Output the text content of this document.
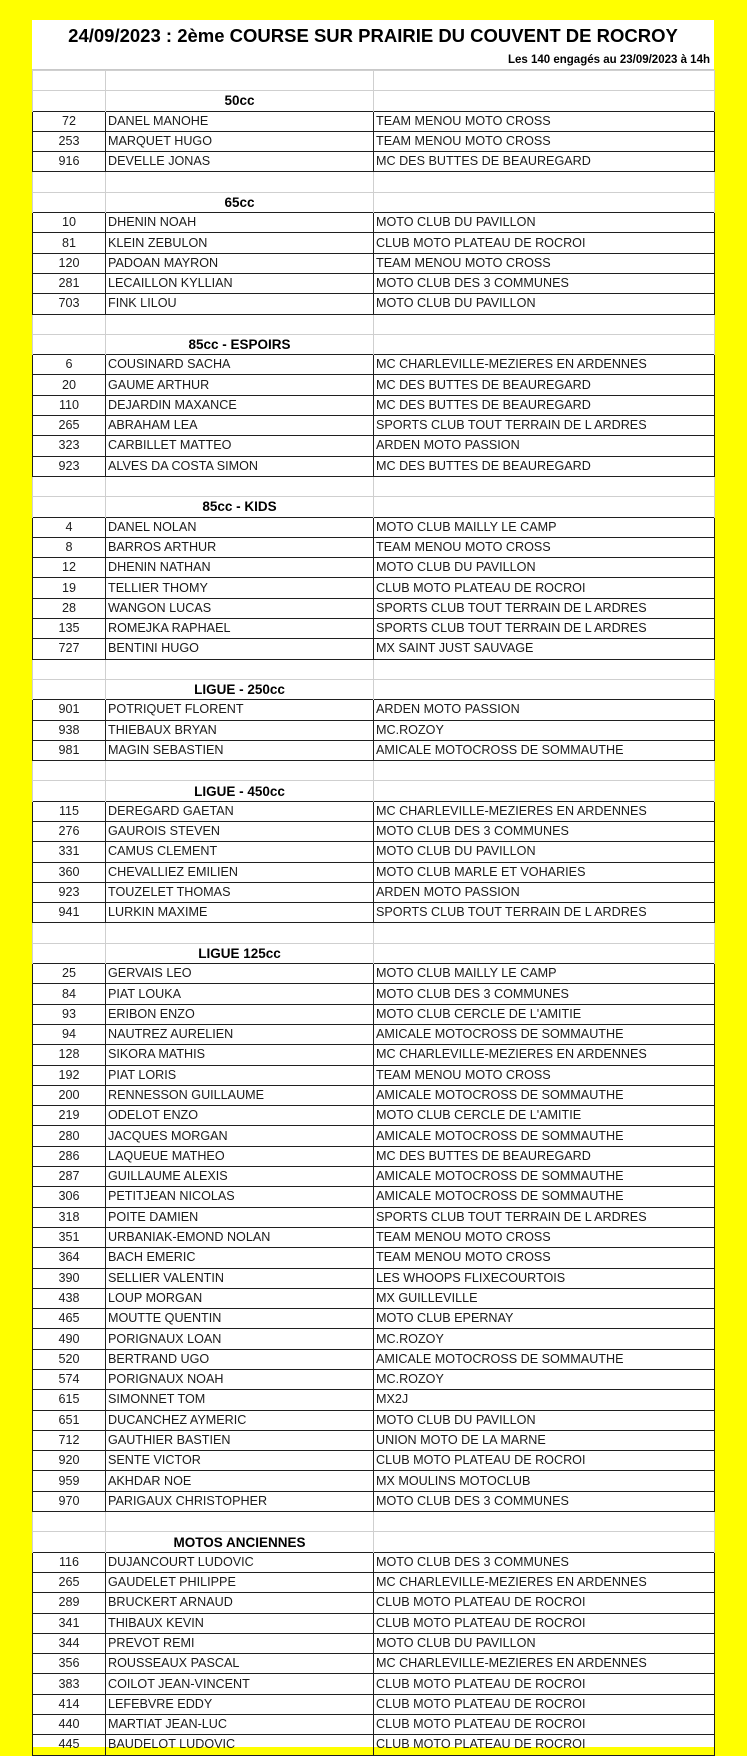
24/09/2023 : 2ème COURSE SUR PRAIRIE DU COUVENT DE ROCROY
Les 140 engagés au 23/09/2023 à 14h

	50cc	
72	DANEL MANOHE	TEAM MENOU MOTO CROSS
253	MARQUET HUGO	TEAM MENOU MOTO CROSS
916	DEVELLE JONAS	MC DES BUTTES DE BEAUREGARD

	65cc	
10	DHENIN NOAH	MOTO CLUB DU PAVILLON
81	KLEIN ZEBULON	CLUB MOTO PLATEAU DE ROCROI
120	PADOAN MAYRON	TEAM MENOU MOTO CROSS
281	LECAILLON KYLLIAN	MOTO CLUB DES 3 COMMUNES
703	FINK LILOU	MOTO CLUB DU PAVILLON

	85cc - ESPOIRS	
6	COUSINARD SACHA	MC CHARLEVILLE-MEZIERES EN ARDENNES
20	GAUME ARTHUR	MC DES BUTTES DE BEAUREGARD
110	DEJARDIN MAXANCE	MC DES BUTTES DE BEAUREGARD
265	ABRAHAM LEA	SPORTS CLUB TOUT TERRAIN DE L ARDRES
323	CARBILLET MATTEO	ARDEN MOTO PASSION
923	ALVES DA COSTA SIMON	MC DES BUTTES DE BEAUREGARD

	85cc - KIDS	
4	DANEL NOLAN	MOTO CLUB MAILLY LE CAMP
8	BARROS ARTHUR	TEAM MENOU MOTO CROSS
12	DHENIN NATHAN	MOTO CLUB DU PAVILLON
19	TELLIER THOMY	CLUB MOTO PLATEAU DE ROCROI
28	WANGON LUCAS	SPORTS CLUB TOUT TERRAIN DE L ARDRES
135	ROMEJKA RAPHAEL	SPORTS CLUB TOUT TERRAIN DE L ARDRES
727	BENTINI HUGO	MX SAINT JUST SAUVAGE

	LIGUE - 250cc	
901	POTRIQUET FLORENT	ARDEN MOTO PASSION
938	THIEBAUX BRYAN	MC.ROZOY
981	MAGIN SEBASTIEN	AMICALE MOTOCROSS DE SOMMAUTHE

	LIGUE - 450cc	
115	DEREGARD GAETAN	MC CHARLEVILLE-MEZIERES EN ARDENNES
276	GAUROIS STEVEN	MOTO CLUB DES 3 COMMUNES
331	CAMUS CLEMENT	MOTO CLUB DU PAVILLON
360	CHEVALLIEZ EMILIEN	MOTO CLUB MARLE ET VOHARIES
923	TOUZELET THOMAS	ARDEN MOTO PASSION
941	LURKIN MAXIME	SPORTS CLUB TOUT TERRAIN DE L ARDRES

	LIGUE 125cc	
25	GERVAIS LEO	MOTO CLUB MAILLY LE CAMP
84	PIAT LOUKA	MOTO CLUB DES 3 COMMUNES
93	ERIBON ENZO	MOTO CLUB CERCLE DE L'AMITIE
94	NAUTREZ AURELIEN	AMICALE MOTOCROSS DE SOMMAUTHE
128	SIKORA MATHIS	MC CHARLEVILLE-MEZIERES EN ARDENNES
192	PIAT LORIS	TEAM MENOU MOTO CROSS
200	RENNESSON GUILLAUME	AMICALE MOTOCROSS DE SOMMAUTHE
219	ODELOT ENZO	MOTO CLUB CERCLE DE L'AMITIE
280	JACQUES MORGAN	AMICALE MOTOCROSS DE SOMMAUTHE
286	LAQUEUE MATHEO	MC DES BUTTES DE BEAUREGARD
287	GUILLAUME ALEXIS	AMICALE MOTOCROSS DE SOMMAUTHE
306	PETITJEAN NICOLAS	AMICALE MOTOCROSS DE SOMMAUTHE
318	POITE DAMIEN	SPORTS CLUB TOUT TERRAIN DE L ARDRES
351	URBANIAK-EMOND NOLAN	TEAM MENOU MOTO CROSS
364	BACH EMERIC	TEAM MENOU MOTO CROSS
390	SELLIER VALENTIN	LES WHOOPS FLIXECOURTOIS
438	LOUP MORGAN	MX GUILLEVILLE
465	MOUTTE QUENTIN	MOTO CLUB EPERNAY
490	PORIGNAUX LOAN	MC.ROZOY
520	BERTRAND UGO	AMICALE MOTOCROSS DE SOMMAUTHE
574	PORIGNAUX NOAH	MC.ROZOY
615	SIMONNET TOM	MX2J
651	DUCANCHEZ AYMERIC	MOTO CLUB DU PAVILLON
712	GAUTHIER BASTIEN	UNION MOTO DE LA MARNE
920	SENTE VICTOR	CLUB MOTO PLATEAU DE ROCROI
959	AKHDAR NOE	MX MOULINS MOTOCLUB
970	PARIGAUX CHRISTOPHER	MOTO CLUB DES 3 COMMUNES

	MOTOS ANCIENNES	
116	DUJANCOURT LUDOVIC	MOTO CLUB DES 3 COMMUNES
265	GAUDELET PHILIPPE	MC CHARLEVILLE-MEZIERES EN ARDENNES
289	BRUCKERT ARNAUD	CLUB MOTO PLATEAU DE ROCROI
341	THIBAUX KEVIN	CLUB MOTO PLATEAU DE ROCROI
344	PREVOT REMI	MOTO CLUB DU PAVILLON
356	ROUSSEAUX PASCAL	MC CHARLEVILLE-MEZIERES EN ARDENNES
383	COILOT JEAN-VINCENT	CLUB MOTO PLATEAU DE ROCROI
414	LEFEBVRE EDDY	CLUB MOTO PLATEAU DE ROCROI
440	MARTIAT JEAN-LUC	CLUB MOTO PLATEAU DE ROCROI
445	BAUDELOT LUDOVIC	CLUB MOTO PLATEAU DE ROCROI
